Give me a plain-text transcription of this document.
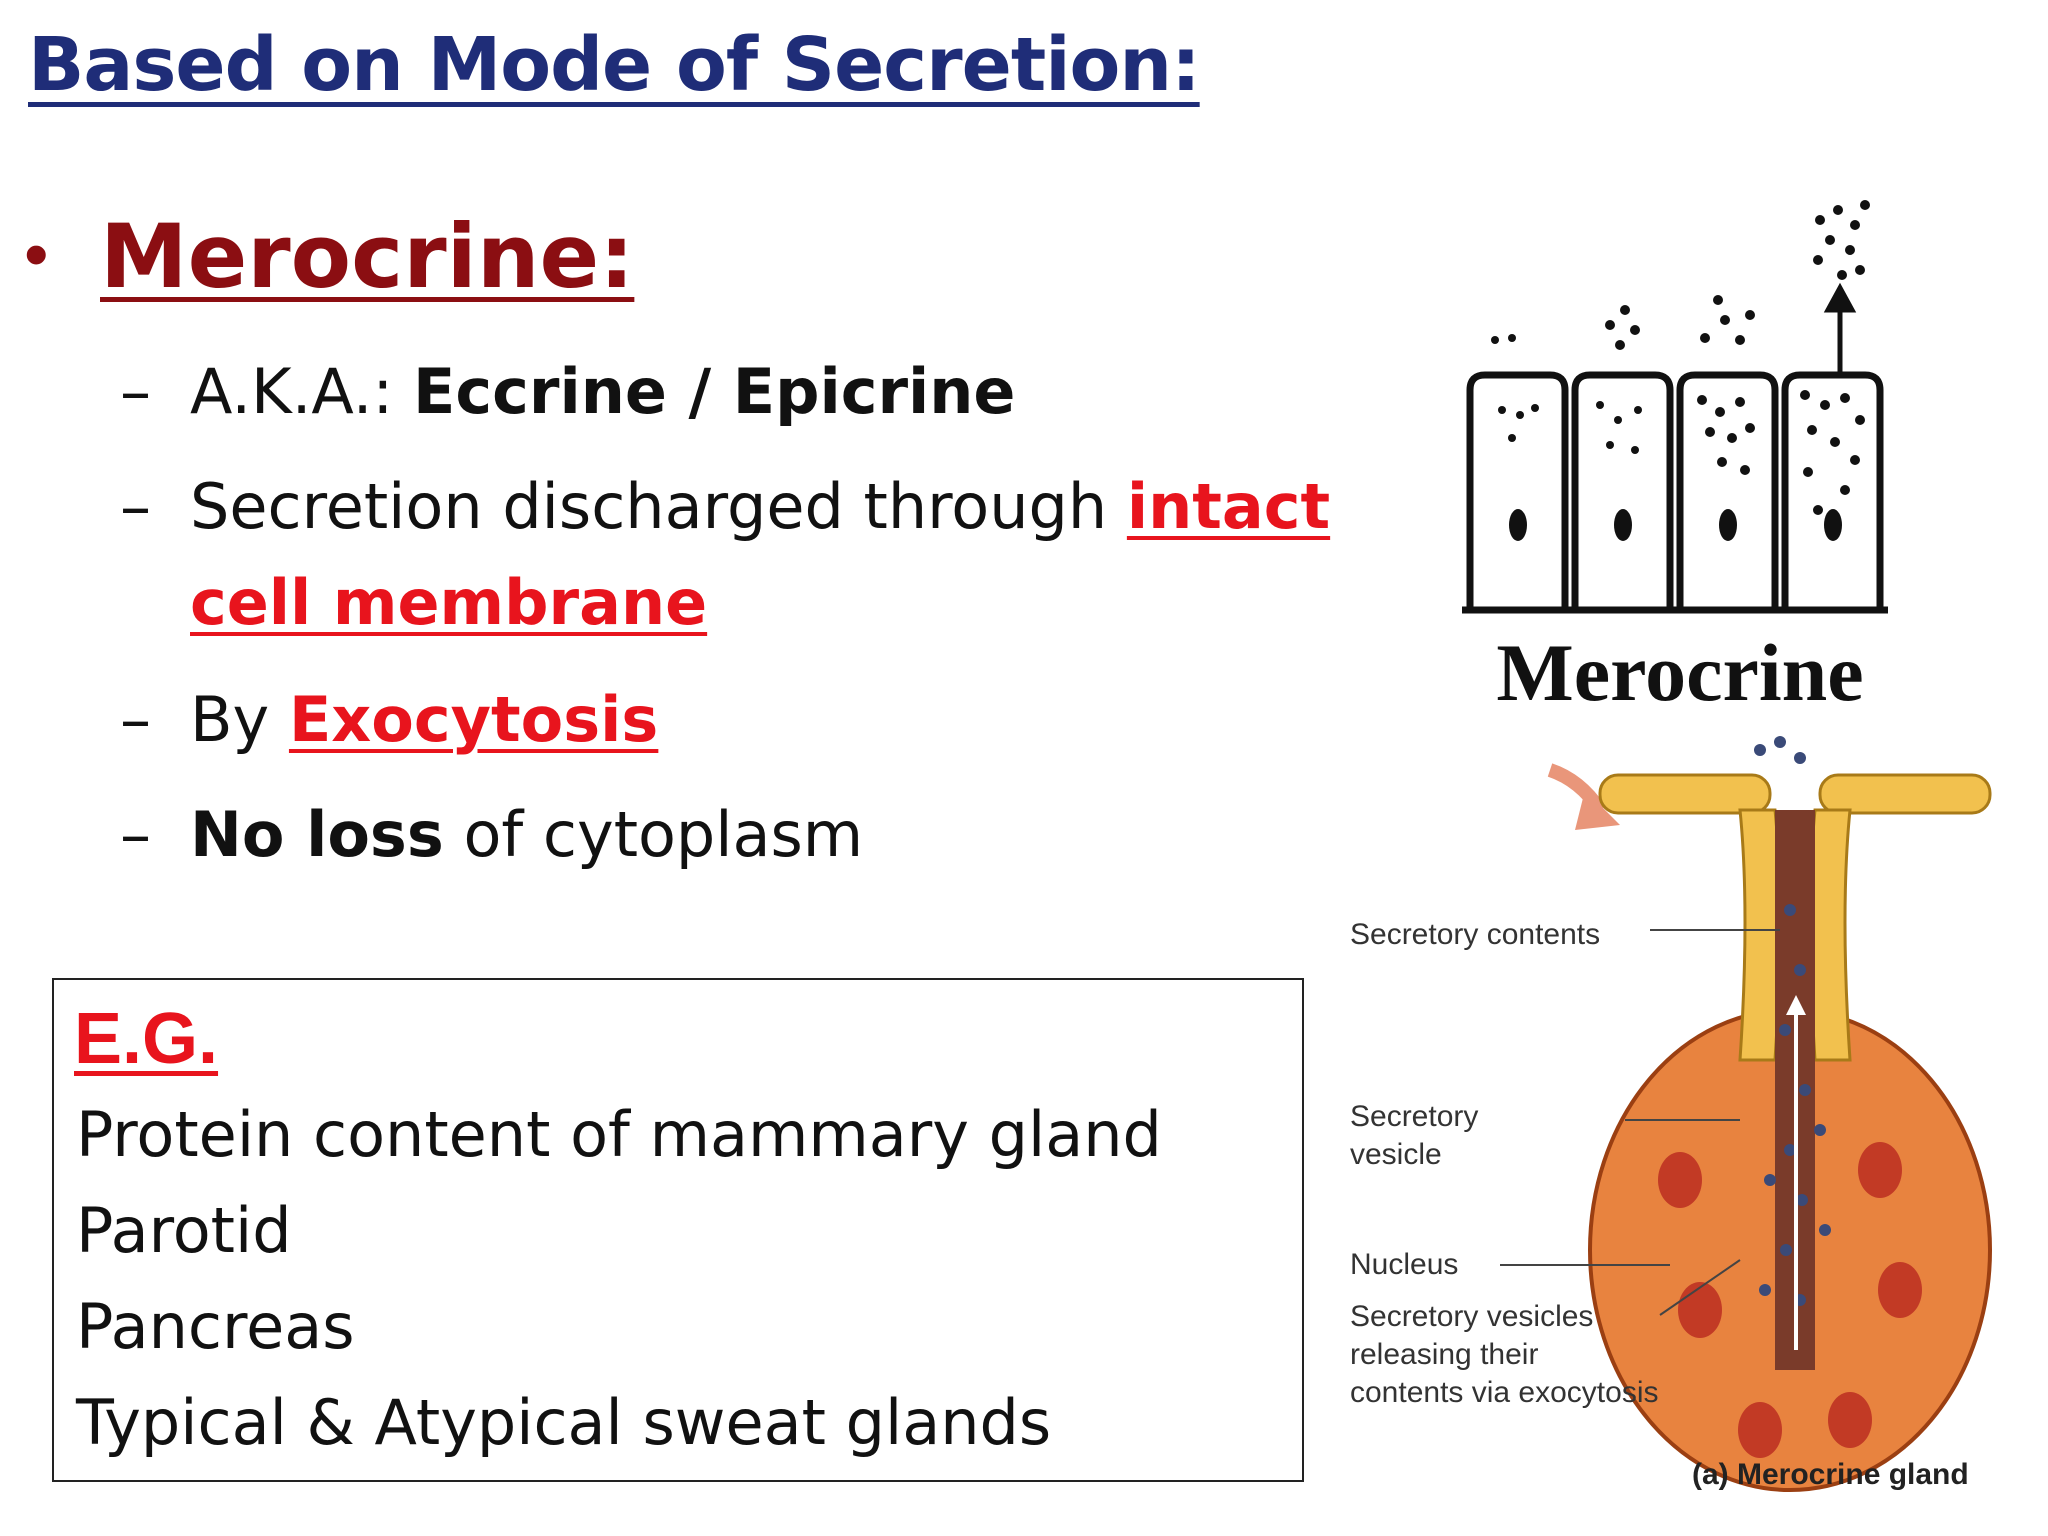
Based on Mode of Secretion:
• Merocrine:
– A.K.A.: Eccrine / Epicrine
– Secretion discharged through intact
cell membrane
– By Exocytosis
– No loss of cytoplasm
E.G.
Protein content of mammary gland
Parotid
Pancreas
Typical & Atypical sweat glands
Merocrine
Secretory contents
Secretory
vesicle
Nucleus
Secretory vesicles
releasing their
contents via exocytosis
(a) Merocrine gland
